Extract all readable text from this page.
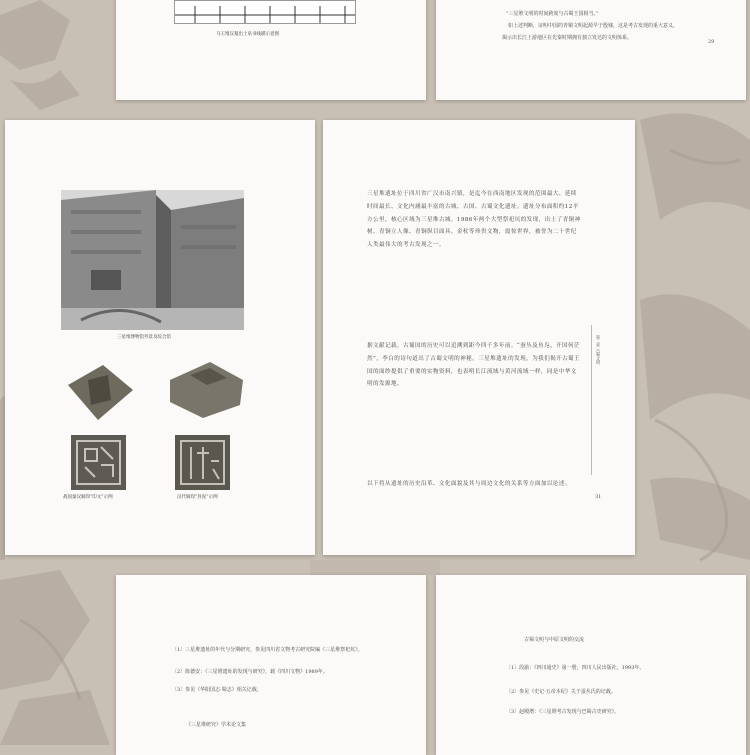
马王堆汉墓出土帛书线描示意图
“三星堆文明的时间跨度与古蜀王国相当。”
如上述判断，证明中国的青铜文明起源早于殷墟，这是考古发现的重大意义，
揭示出长江上游地区在先秦时期拥有独立发达的文明体系。
29
三星堆博物馆外景及综合馆
战国秦汉铜印“印文”示例	汉代铜印“封泥”示例
三星堆遗址位于四川省广汉市南兴镇，是迄今在西南地区发现的范围最大、延续时间最长、文化内涵最丰富的古城、古国、古蜀文化遗址。遗址分布面积约12平方公里，核心区域为三星堆古城。1986年两个大型祭祀坑的发现，出土了青铜神树、青铜立人像、青铜纵目面具、金杖等珍贵文物，震惊世界，被誉为二十世纪人类最伟大的考古发现之一。
据文献记载，古蜀国的历史可以追溯到距今四千多年前。“蚕丛及鱼凫，开国何茫然”，李白的诗句道出了古蜀文明的神秘。三星堆遗址的发现，为我们揭开古蜀王国的面纱提供了重要的实物资料，也表明长江流域与黄河流域一样，同是中华文明的发源地。
以下将从遗址的历史沿革、文化面貌及其与周边文化的关系等方面加以论述。
第二章 古蜀文明
31
〔1〕三星堆遗址的年代与分期研究，参见四川省文物考古研究院编《三星堆祭祀坑》。
〔2〕陈德安：《三星堆遗址的发现与研究》，载《四川文物》1989年。
〔3〕参见《华阳国志·蜀志》相关记载。
《三星堆研究》学术论文集
古蜀文明与中原文明的交流
〔1〕段渝：《四川通史》第一册，四川人民出版社，1993年。
〔2〕参见《史记·五帝本纪》关于蚕丛氏的记载。
〔3〕赵殿增：《三星堆考古发现与巴蜀古史研究》。
